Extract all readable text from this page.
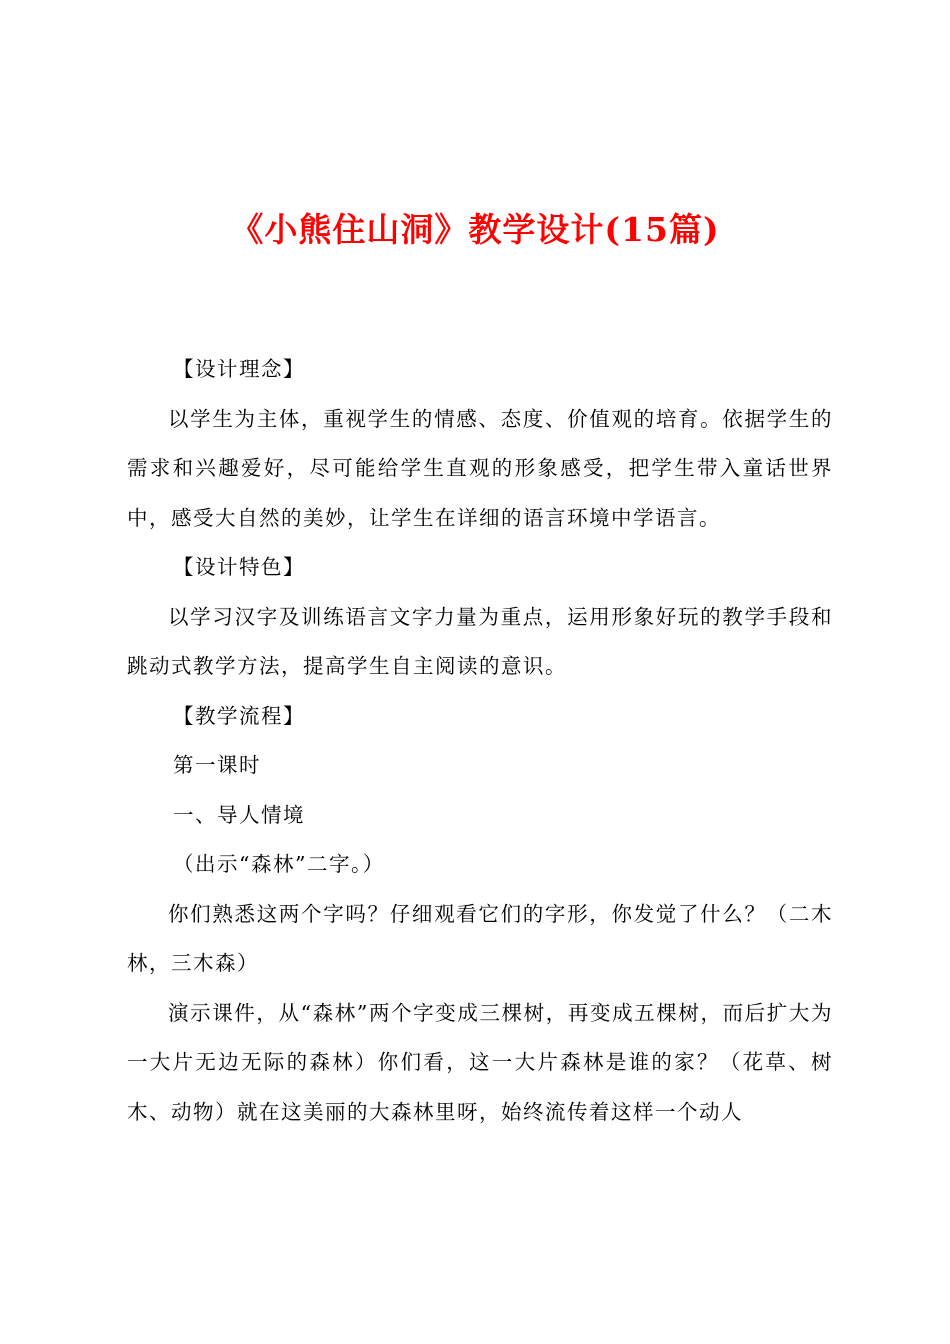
《小熊住山洞》教学设计(15篇)

【设计理念】

以学生为主体，重视学生的情感、态度、价值观的培育。依据学生的需求和兴趣爱好，尽可能给学生直观的形象感受，把学生带入童话世界中，感受大自然的美妙，让学生在详细的语言环境中学语言。

【设计特色】

以学习汉字及训练语言文字力量为重点，运用形象好玩的教学手段和跳动式教学方法，提高学生自主阅读的意识。

【教学流程】

第一课时

一、导人情境

（出示“森林”二字。）

你们熟悉这两个字吗？仔细观看它们的字形，你发觉了什么？（二木林，三木森）

演示课件，从“森林”两个字变成三棵树，再变成五棵树，而后扩大为一大片无边无际的森林）你们看，这一大片森林是谁的家？（花草、树木、动物）就在这美丽的大森林里呀，始终流传着这样一个动人
